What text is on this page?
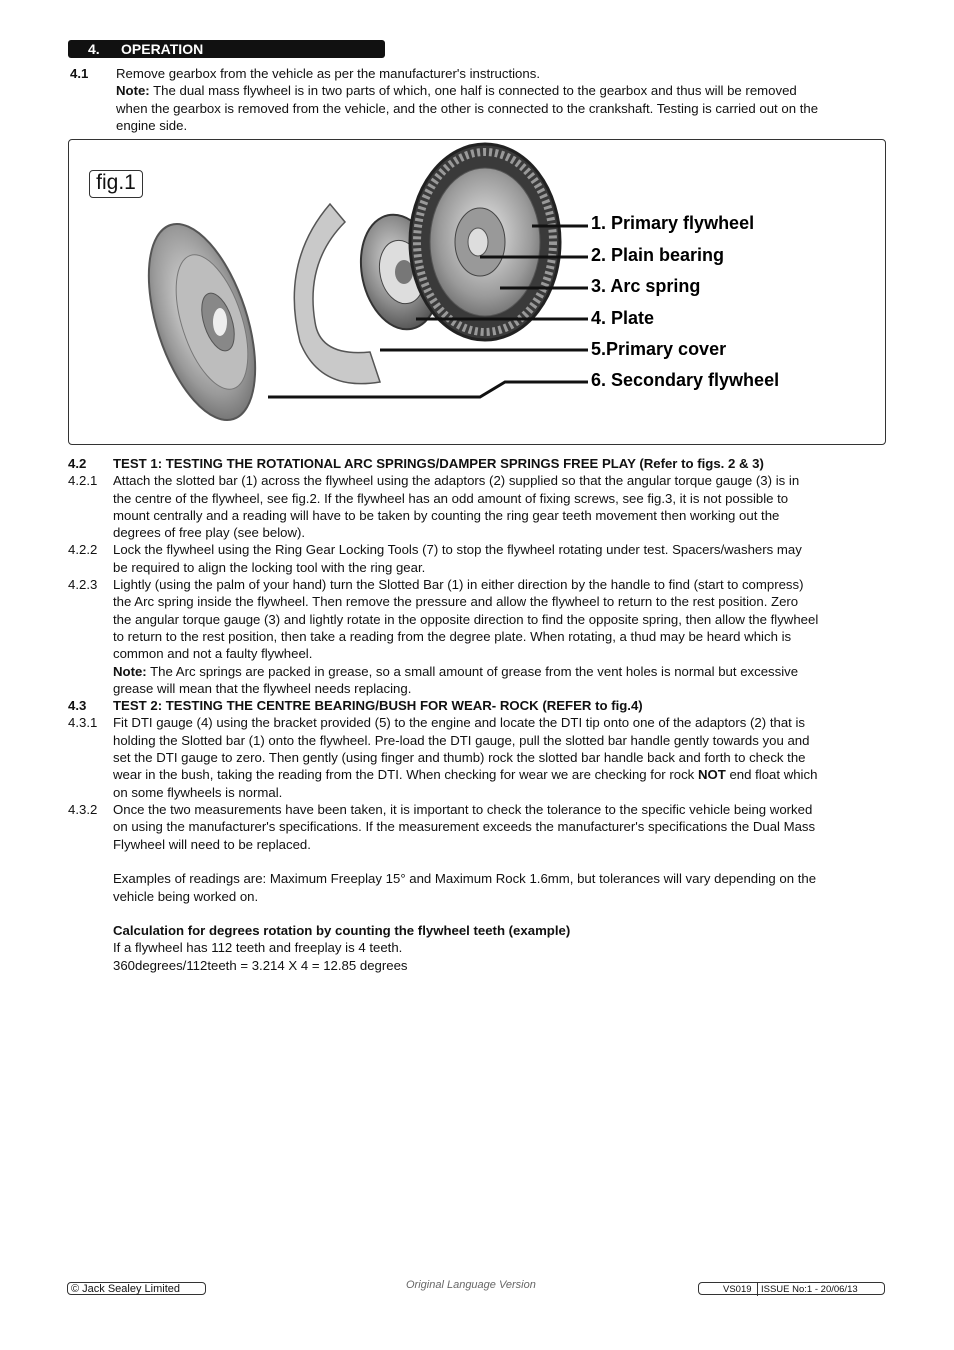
4. OPERATION
4.1 Remove gearbox from the vehicle as per the manufacturer's instructions.
Note: The dual mass flywheel is in two parts of which, one half is connected to the gearbox and thus will be removed
when the gearbox is removed from the vehicle, and the other is connected to the crankshaft. Testing is carried out on the
engine side.
fig.1
1. Primary flywheel
2. Plain bearing
3. Arc spring
4. Plate
5.Primary cover
6. Secondary flywheel
4.2 TEST 1: TESTING THE ROTATIONAL ARC SPRINGS/DAMPER SPRINGS FREE PLAY (Refer to figs. 2 & 3)
4.2.1 Attach the slotted bar (1) across the flywheel using the adaptors (2) supplied so that the angular torque gauge (3) is in
the centre of the flywheel, see fig.2. If the flywheel has an odd amount of fixing screws, see fig.3, it is not possible to
mount centrally and a reading will have to be taken by counting the ring gear teeth movement then working out the
degrees of free play (see below).
4.2.2 Lock the flywheel using the Ring Gear Locking Tools (7) to stop the flywheel rotating under test. Spacers/washers may
be required to align the locking tool with the ring gear.
4.2.3 Lightly (using the palm of your hand) turn the Slotted Bar (1) in either direction by the handle to find (start to compress)
the Arc spring inside the flywheel. Then remove the pressure and allow the flywheel to return to the rest position. Zero
the angular torque gauge (3) and lightly rotate in the opposite direction to find the opposite spring, then allow the flywheel
to return to the rest position, then take a reading from the degree plate. When rotating, a thud may be heard which is
common and not a faulty flywheel.
Note: The Arc springs are packed in grease, so a small amount of grease from the vent holes is normal but excessive
grease will mean that the flywheel needs replacing.
4.3 TEST 2: TESTING THE CENTRE BEARING/BUSH FOR WEAR- ROCK (REFER to fig.4)
4.3.1 Fit DTI gauge (4) using the bracket provided (5) to the engine and locate the DTI tip onto one of the adaptors (2) that is
holding the Slotted bar (1) onto the flywheel. Pre-load the DTI gauge, pull the slotted bar handle gently towards you and
set the DTI gauge to zero. Then gently (using finger and thumb) rock the slotted bar handle back and forth to check the
wear in the bush, taking the reading from the DTI. When checking for wear we are checking for rock NOT end float which
on some flywheels is normal.
4.3.2 Once the two measurements have been taken, it is important to check the tolerance to the specific vehicle being worked
on using the manufacturer's specifications. If the measurement exceeds the manufacturer's specifications the Dual Mass
Flywheel will need to be replaced.
Examples of readings are: Maximum Freeplay 15° and Maximum Rock 1.6mm, but tolerances will vary depending on the
vehicle being worked on.
Calculation for degrees rotation by counting the flywheel teeth (example)
If a flywheel has 112 teeth and freeplay is 4 teeth.
360degrees/112teeth = 3.214 X 4 = 12.85 degrees
© Jack Sealey Limited	Original Language Version	VS019 ISSUE No:1 - 20/06/13
